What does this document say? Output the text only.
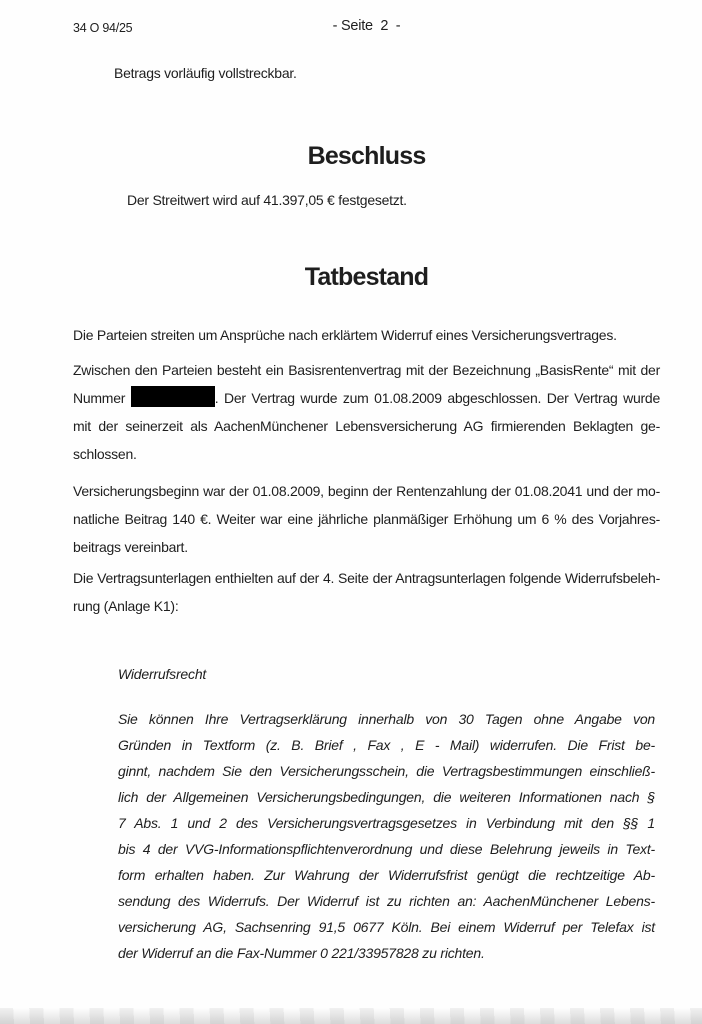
34 O 94/25	- Seite  2  -
Betrags vorläufig vollstreckbar.
Beschluss
Der Streitwert wird auf 41.397,05 € festgesetzt.
Tatbestand
Die Parteien streiten um Ansprüche nach erklärtem Widerruf eines Versicherungsvertrages.
Zwischen den Parteien besteht ein Basisrentenvertrag mit der Bezeichnung „BasisRente“ mit der
Nummer	. Der Vertrag wurde zum 01.08.2009 abgeschlossen. Der Vertrag wurde
mit der seinerzeit als AachenMünchener Lebensversicherung AG firmierenden Beklagten ge-
schlossen.
Versicherungsbeginn war der 01.08.2009, beginn der Rentenzahlung der 01.08.2041 und der mo-
natliche Beitrag 140 €. Weiter war eine jährliche planmäßiger Erhöhung um 6 % des Vorjahres-
beitrags vereinbart.
Die Vertragsunterlagen enthielten auf der 4. Seite der Antragsunterlagen folgende Widerrufsbeleh-
rung (Anlage K1):
Widerrufsrecht
Sie können Ihre Vertragserklärung innerhalb von 30 Tagen ohne Angabe von
Gründen in Textform (z. B. Brief , Fax , E - Mail) widerrufen. Die Frist be-
ginnt, nachdem Sie den Versicherungsschein, die Vertragsbestimmungen einschließ-
lich der Allgemeinen Versicherungsbedingungen, die weiteren Informationen nach §
7 Abs. 1 und 2 des Versicherungsvertragsgesetzes in Verbindung mit den §§ 1
bis 4 der VVG-Informationspflichtenverordnung und diese Belehrung jeweils in Text-
form erhalten haben. Zur Wahrung der Widerrufsfrist genügt die rechtzeitige Ab-
sendung des Widerrufs. Der Widerruf ist zu richten an: AachenMünchener Lebens-
versicherung AG, Sachsenring 91,5 0677 Köln. Bei einem Widerruf per Telefax ist
der Widerruf an die Fax-Nummer 0 221/33957828 zu richten.
